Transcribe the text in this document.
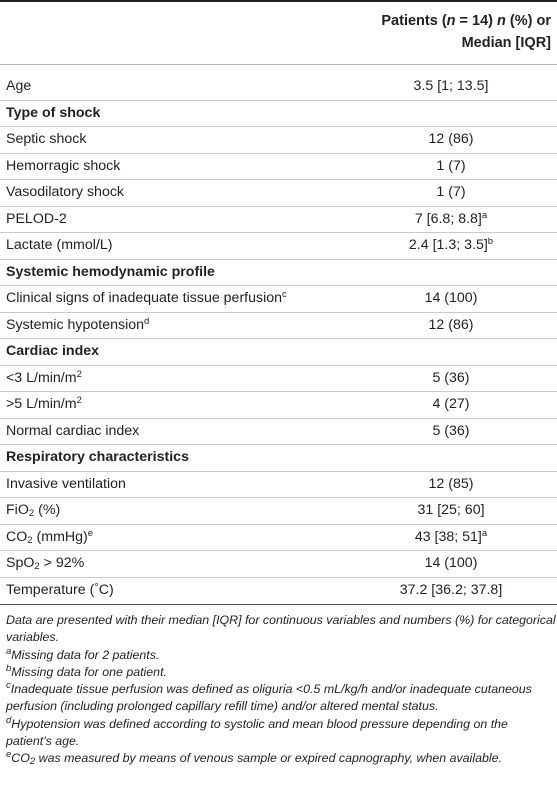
Patients (n = 14) n (%) or
Median [IQR]
Age	3.5 [1; 13.5]
Type of shock
Septic shock	12 (86)
Hemorragic shock	1 (7)
Vasodilatory shock	1 (7)
PELOD-2	7 [6.8; 8.8]$^a$
Lactate (mmol/L)	2.4 [1.3; 3.5]$^b$
Systemic hemodynamic profile
Clinical signs of inadequate tissue perfusion$^c$	14 (100)
Systemic hypotension$^d$	12 (86)
Cardiac index
<3 $L/\min/m^2$	5 (36)
>5 $L/\min/m^2$	4 (27)
Normal cardiac index	5 (36)
Respiratory characteristics
Invasive ventilation	12 (85)
FiO$_2$ (%)	31 [25; 60]
$CO_2$ (mmHg)$^e$	43 [38; 51]$^a$
SpO$_2$ > 92%	14 (100)
Temperature (°C)	37.2 [36.2; 37.8]

Data are presented with their median [IQR] for continuous variables and numbers (%) for categorical variables.

$^a$Missing data for 2 patients.

$^b$Missing data for one patient.

$^c$Inadequate tissue perfusion was defined as oliguria <0.5 mL/kg/h and/or inadequate cutaneous perfusion (including prolonged capillary refill time) and/or altered mental status.

$^d$Hypotension was defined according to systolic and mean blood pressure depending on the patient's age.

$^eCO_2$ was measured by means of venous sample or expired capnography, when available.
